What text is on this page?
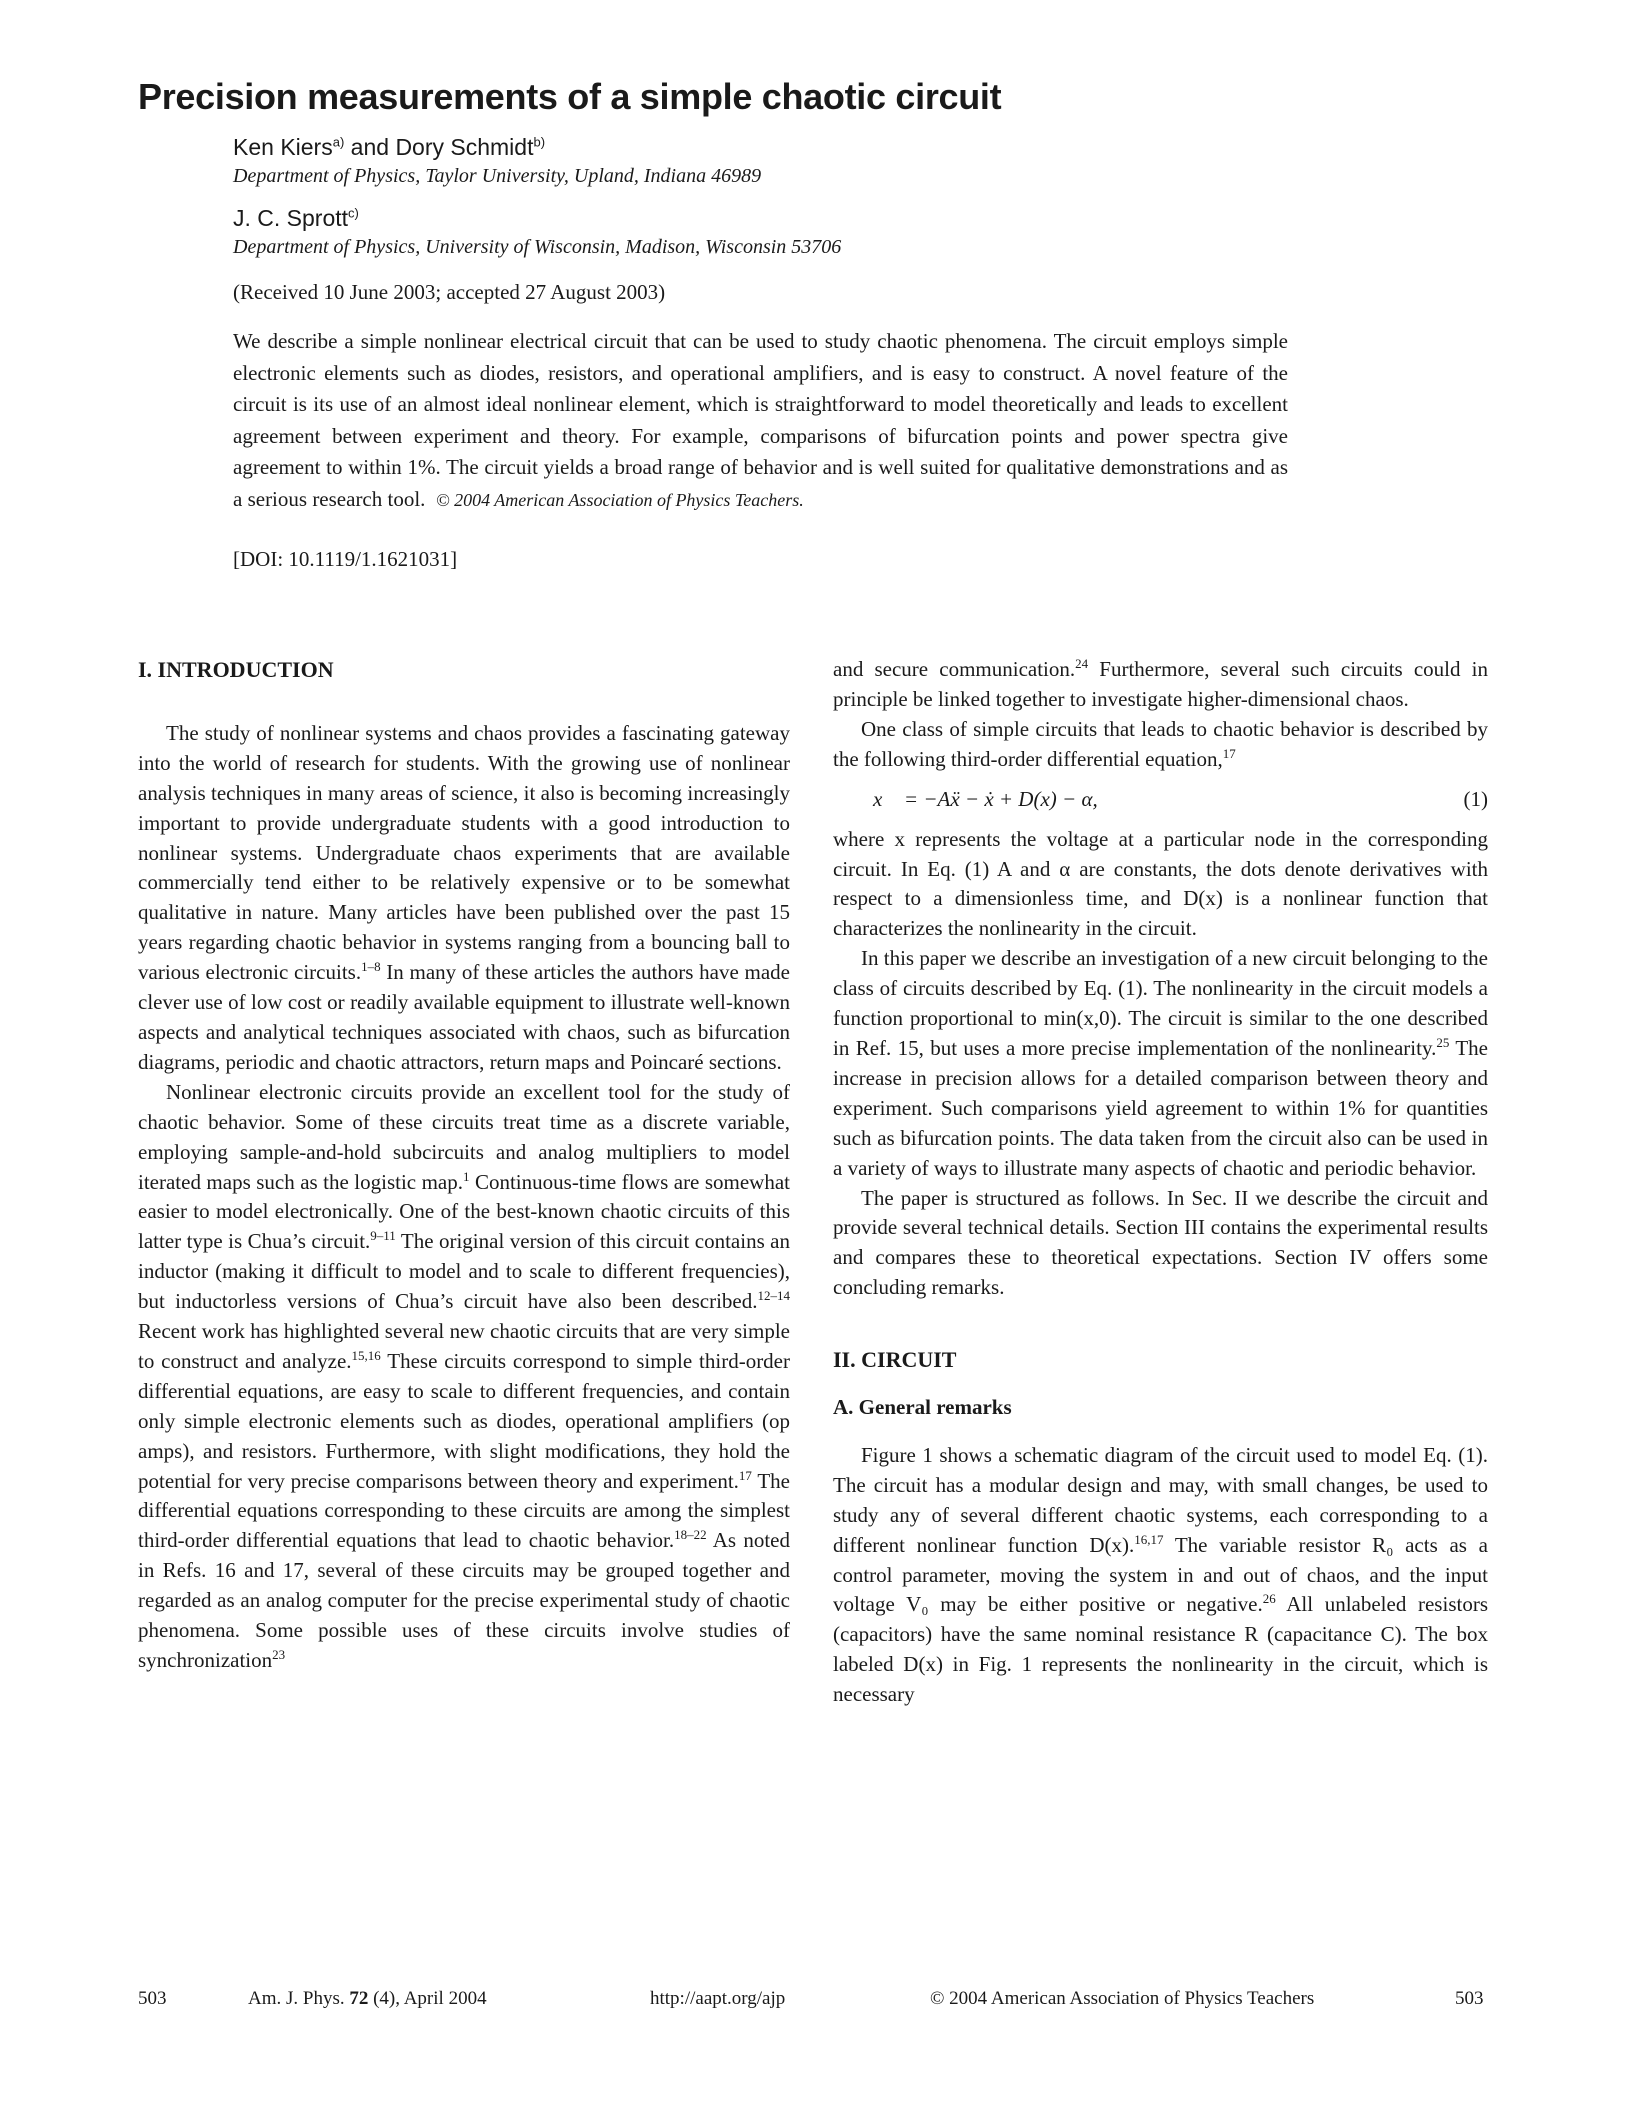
Precision measurements of a simple chaotic circuit
Ken Kiers$^{a)}$ and Dory Schmidt$^{b)}$
Department of Physics, Taylor University, Upland, Indiana 46989
J. C. Sprott$^{c)}$
Department of Physics, University of Wisconsin, Madison, Wisconsin 53706
(Received 10 June 2003; accepted 27 August 2003)
We describe a simple nonlinear electrical circuit that can be used to study chaotic phenomena. The circuit employs simple electronic elements such as diodes, resistors, and operational amplifiers, and is easy to construct. A novel feature of the circuit is its use of an almost ideal nonlinear element, which is straightforward to model theoretically and leads to excellent agreement between experiment and theory. For example, comparisons of bifurcation points and power spectra give agreement to within 1%. The circuit yields a broad range of behavior and is well suited for qualitative demonstrations and as a serious research tool. © 2004 American Association of Physics Teachers.
[DOI: 10.1119/1.1621031]

I. INTRODUCTION

The study of nonlinear systems and chaos provides a fascinating gateway into the world of research for students. With the growing use of nonlinear analysis techniques in many areas of science, it also is becoming increasingly important to provide undergraduate students with a good introduction to nonlinear systems. Undergraduate chaos experiments that are available commercially tend either to be relatively expensive or to be somewhat qualitative in nature. Many articles have been published over the past 15 years regarding chaotic behavior in systems ranging from a bouncing ball to various electronic circuits.$^{1-8}$ In many of these articles the authors have made clever use of low cost or readily available equipment to illustrate well-known aspects and analytical techniques associated with chaos, such as bifurcation diagrams, periodic and chaotic attractors, return maps and Poincaré sections.

Nonlinear electronic circuits provide an excellent tool for the study of chaotic behavior. Some of these circuits treat time as a discrete variable, employing sample-and-hold subcircuits and analog multipliers to model iterated maps such as the logistic map.$^1$ Continuous-time flows are somewhat easier to model electronically. One of the best-known chaotic circuits of this latter type is Chua’s circuit.$^{9-11}$ The original version of this circuit contains an inductor (making it difficult to model and to scale to different frequencies), but inductorless versions of Chua’s circuit have also been described.$^{12-14}$ Recent work has highlighted several new chaotic circuits that are very simple to construct and analyze.$^{15,16}$ These circuits correspond to simple third-order differential equations, are easy to scale to different frequencies, and contain only simple electronic elements such as diodes, operational amplifiers (op amps), and resistors. Furthermore, with slight modifications, they hold the potential for very precise comparisons between theory and experiment.$^{17}$ The differential equations corresponding to these circuits are among the simplest third-order differential equations that lead to chaotic behavior.$^{18-22}$ As noted in Refs. 16 and 17, several of these circuits may be grouped together and regarded as an analog computer for the precise experimental study of chaotic phenomena. Some possible uses of these circuits involve studies of synchronization$^{23}$

and secure communication.$^{24}$ Furthermore, several such circuits could in principle be linked together to investigate higher-dimensional chaos.

One class of simple circuits that leads to chaotic behavior is described by the following third-order differential equation,$^{17}$

x⃛ = −Aẍ − ẋ + D(x) − α,	(1)

where x represents the voltage at a particular node in the corresponding circuit. In Eq. (1) A and α are constants, the dots denote derivatives with respect to a dimensionless time, and D(x) is a nonlinear function that characterizes the nonlinearity in the circuit.

In this paper we describe an investigation of a new circuit belonging to the class of circuits described by Eq. (1). The nonlinearity in the circuit models a function proportional to min(x,0). The circuit is similar to the one described in Ref. 15, but uses a more precise implementation of the nonlinearity.$^{25}$ The increase in precision allows for a detailed comparison between theory and experiment. Such comparisons yield agreement to within 1% for quantities such as bifurcation points. The data taken from the circuit also can be used in a variety of ways to illustrate many aspects of chaotic and periodic behavior.

The paper is structured as follows. In Sec. II we describe the circuit and provide several technical details. Section III contains the experimental results and compares these to theoretical expectations. Section IV offers some concluding remarks.

II. CIRCUIT

A. General remarks

Figure 1 shows a schematic diagram of the circuit used to model Eq. (1). The circuit has a modular design and may, with small changes, be used to study any of several different chaotic systems, each corresponding to a different nonlinear function D(x).$^{16,17}$ The variable resistor R₀ acts as a control parameter, moving the system in and out of chaos, and the input voltage V₀ may be either positive or negative.$^{26}$ All unlabeled resistors (capacitors) have the same nominal resistance R (capacitance C). The box labeled D(x) in Fig. 1 represents the nonlinearity in the circuit, which is necessary

503	Am. J. Phys. 72 (4), April 2004	http://aapt.org/ajp	© 2004 American Association of Physics Teachers	503
